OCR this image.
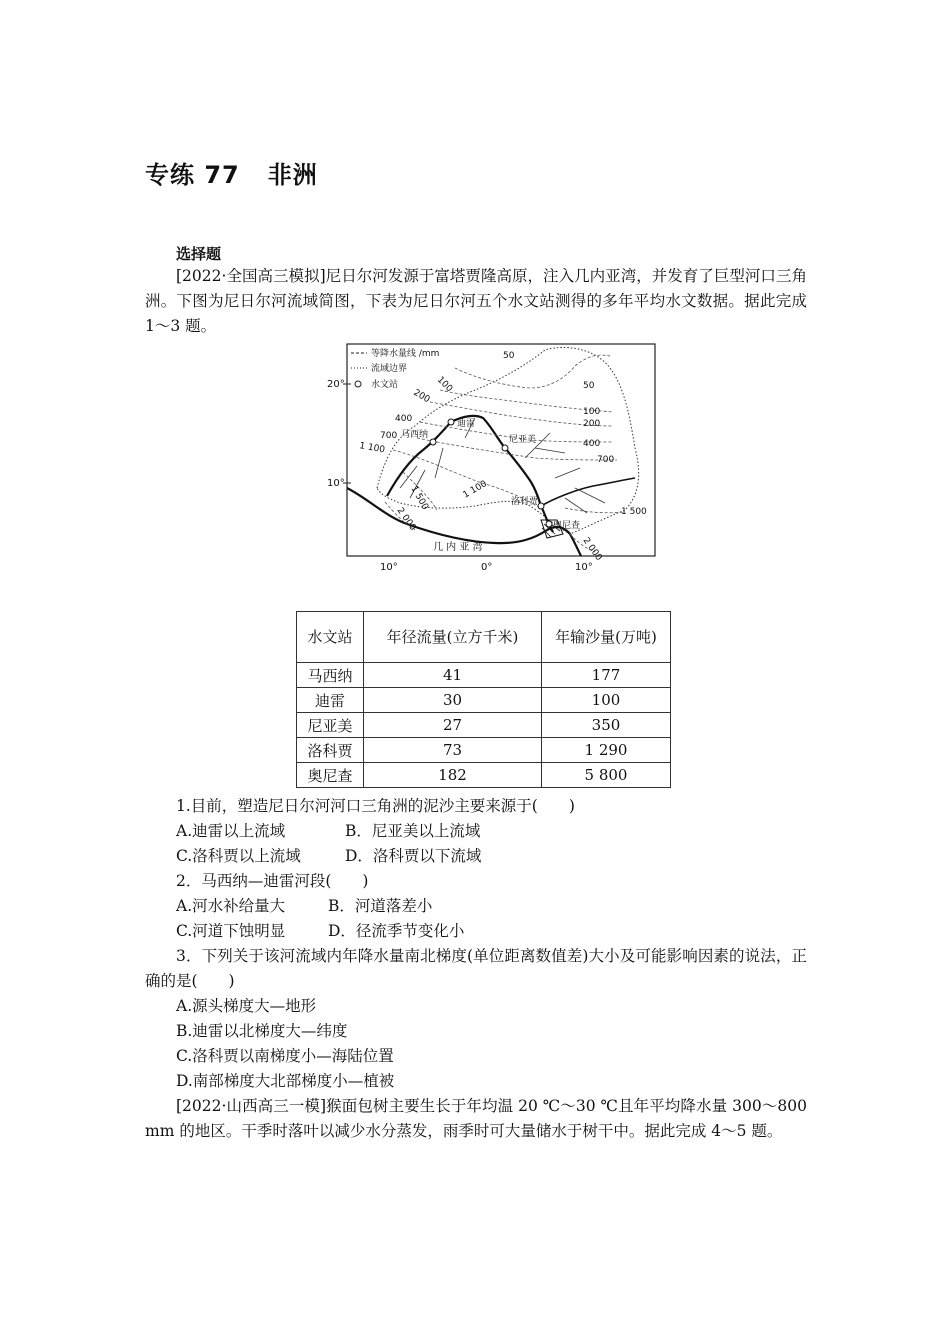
专练 77 非洲
选择题
[2022·全国高三模拟]尼日尔河发源于富塔贾隆高原，注入几内亚湾，并发育了巨型河口三角洲。下图为尼日尔河流域简图，下表为尼日尔河五个水文站测得的多年平均水文数据。据此完成 1～3 题。
20°
10°
10°	0°	10°
等降水量线 /mm
流域边界
水文站
50
50
100
100
200
200
400
400
700
700
1 100
1 100
1 500
1 500
2 000
2 000
迪雷
马西纳	尼亚美
洛科贾
奥尼查
几 内 亚 湾
水文站	年径流量(立方千米)	年输沙量(万吨)
马西纳	41	177
迪雷	30	100
尼亚美	27	350
洛科贾	73	1 290
奥尼查	182	5 800
1.目前，塑造尼日尔河河口三角洲的泥沙主要来源于(　　)
A.迪雷以上流域	B．尼亚美以上流域
C.洛科贾以上流域	D．洛科贾以下流域
2．马西纳—迪雷河段(　　)
A.河水补给量大	B．河道落差小
C.河道下蚀明显	D．径流季节变化小
3．下列关于该河流域内年降水量南北梯度(单位距离数值差)大小及可能影响因素的说法，正确的是(　　)
A.源头梯度大—地形
B.迪雷以北梯度大—纬度
C.洛科贾以南梯度小—海陆位置
D.南部梯度大北部梯度小—植被
[2022·山西高三一模]猴面包树主要生长于年均温 20 ℃～30 ℃且年平均降水量 300～800 mm 的地区。干季时落叶以减少水分蒸发，雨季时可大量储水于树干中。据此完成 4～5 题。
